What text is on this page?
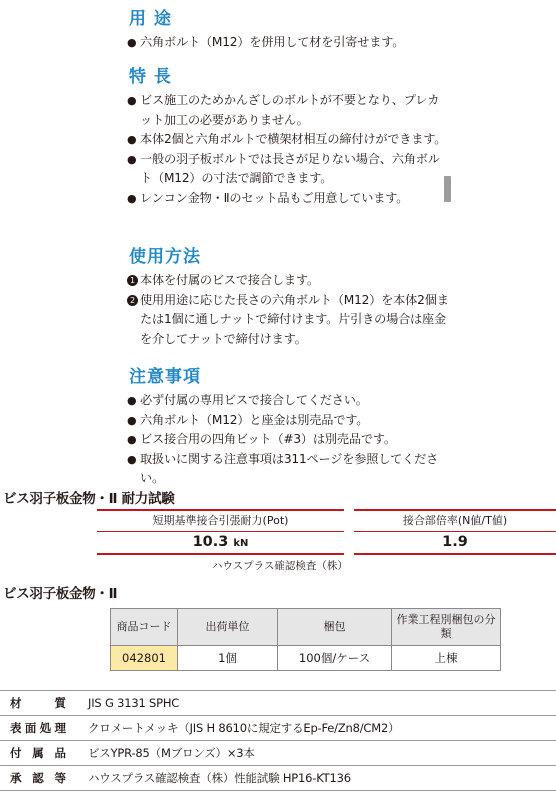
用 途
● 六角ボルト（M12）を併用して材を引寄せます。
特 長
● ビス施工のためかんざしのボルトが不要となり、プレカット加工の必要がありません。
● 本体2個と六角ボルトで横架材相互の締付けができます。
● 一般の羽子板ボルトでは長さが足りない場合、六角ボルト（M12）の寸法で調節できます。
● レンコン金物・Ⅱのセット品もご用意しています。
使用方法
1 本体を付属のビスで接合します。
2 使用用途に応じた長さの六角ボルト（M12）を本体2個または1個に通しナットで締付けます。片引きの場合は座金を介してナットで締付けます。
注意事項
● 必ず付属の専用ビスで接合してください。
● 六角ボルト（M12）と座金は別売品です。
● ビス接合用の四角ビット（#3）は別売品です。
● 取扱いに関する注意事項は311ページを参照してください。
ビス羽子板金物・Ⅱ 耐力試験
短期基準接合引張耐力(Pot)
10.3 kN
接合部倍率(N値/T値)
1.9
ハウスプラス確認検査（株）
ビス羽子板金物・Ⅱ
商品コード	出荷単位	梱包	作業工程別梱包の分類
042801	1個	100個/ケース	上棟
材質 JIS G 3131 SPHC
表面処理 クロメートメッキ（JIS H 8610に規定するEp-Fe/Zn8/CM2）
付属品 ビスYPR-85（Mブロンズ）×3本
承認等 ハウスプラス確認検査（株）性能試験 HP16-KT136
